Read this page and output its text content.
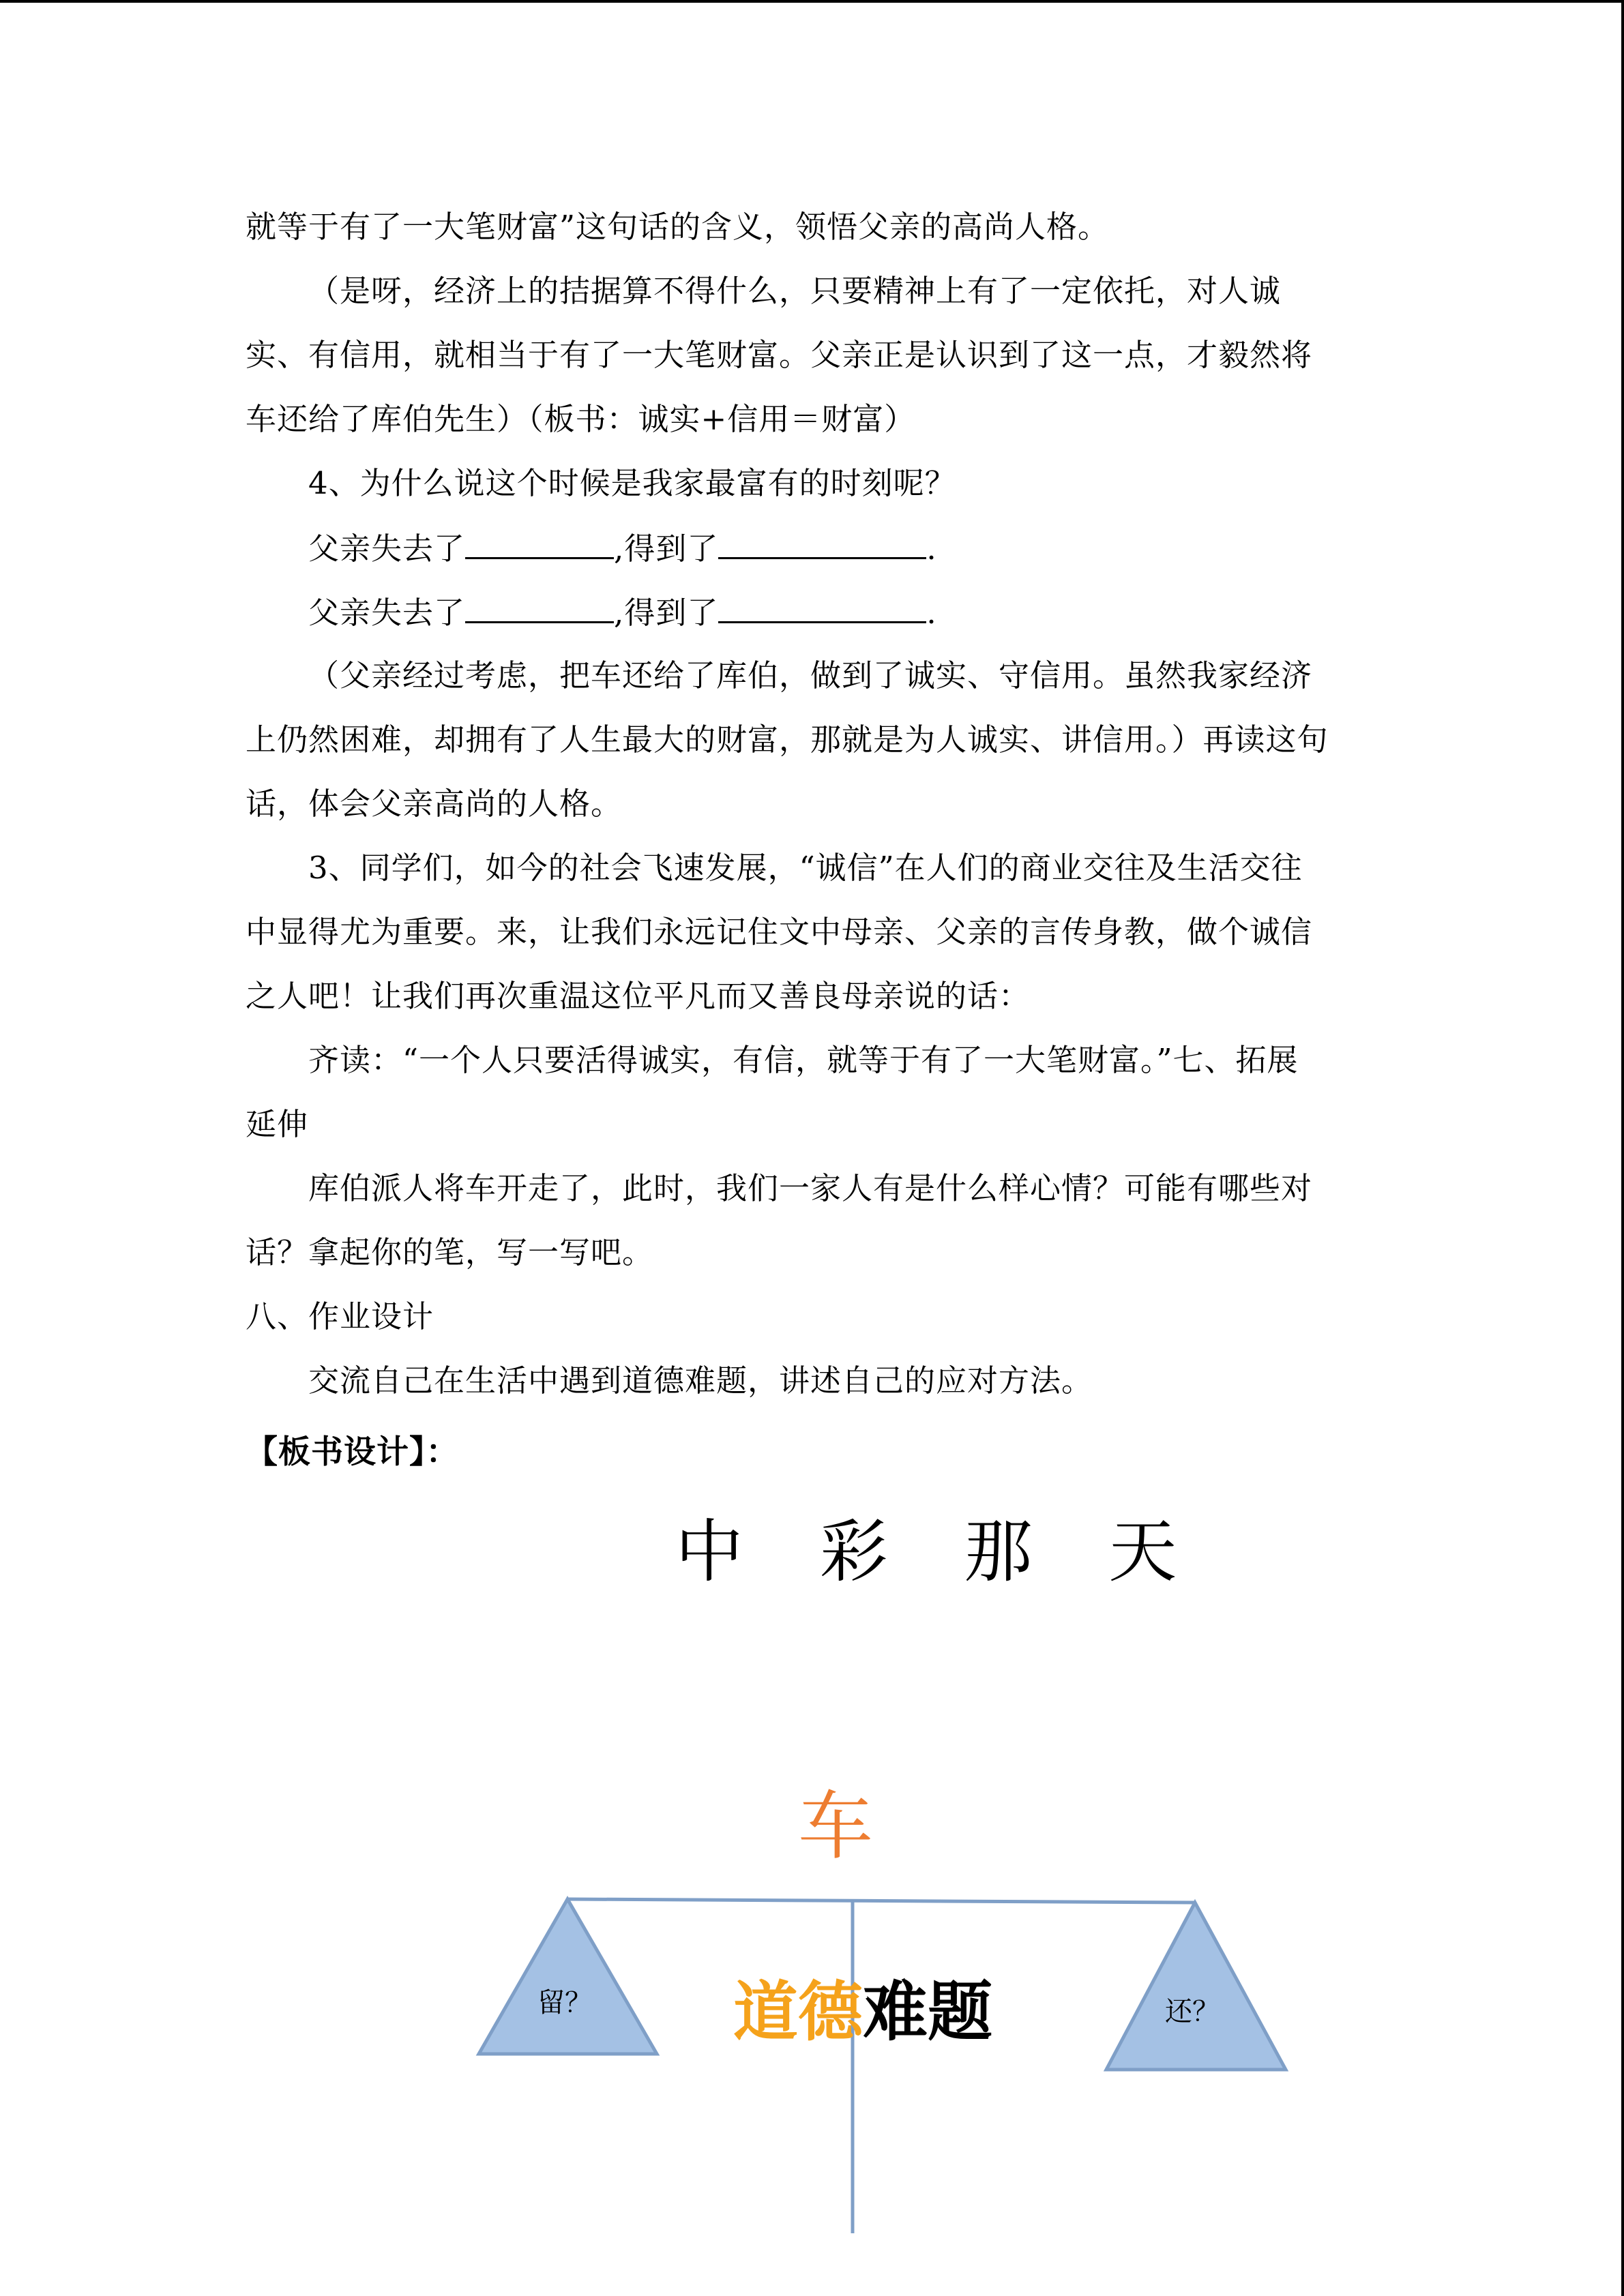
就等于有了一大笔财富”这句话的含义，领悟父亲的高尚人格。
（是呀，经济上的拮据算不得什么，只要精神上有了一定依托，对人诚
实、有信用，就相当于有了一大笔财富。父亲正是认识到了这一点，才毅然将
车还给了库伯先生）（板书：诚实+信用＝财富）
4、为什么说这个时候是我家最富有的时刻呢？
父亲失去了	,得到了	.
父亲失去了	,得到了	.
（父亲经过考虑，把车还给了库伯，做到了诚实、守信用。虽然我家经济
上仍然困难，却拥有了人生最大的财富，那就是为人诚实、讲信用。）再读这句
话，体会父亲高尚的人格。
3、同学们，如今的社会飞速发展，“诚信”在人们的商业交往及生活交往
中显得尤为重要。来，让我们永远记住文中母亲、父亲的言传身教，做个诚信
之人吧！让我们再次重温这位平凡而又善良母亲说的话：
齐读：“一个人只要活得诚实，有信，就等于有了一大笔财富。”七、拓展
延伸
库伯派人将车开走了，此时，我们一家人有是什么样心情？可能有哪些对
话？拿起你的笔，写一写吧。
八、作业设计
交流自己在生活中遇到道德难题，讲述自己的应对方法。
【板书设计】：
中 彩 那 天
车
道德难题
留？	还？
